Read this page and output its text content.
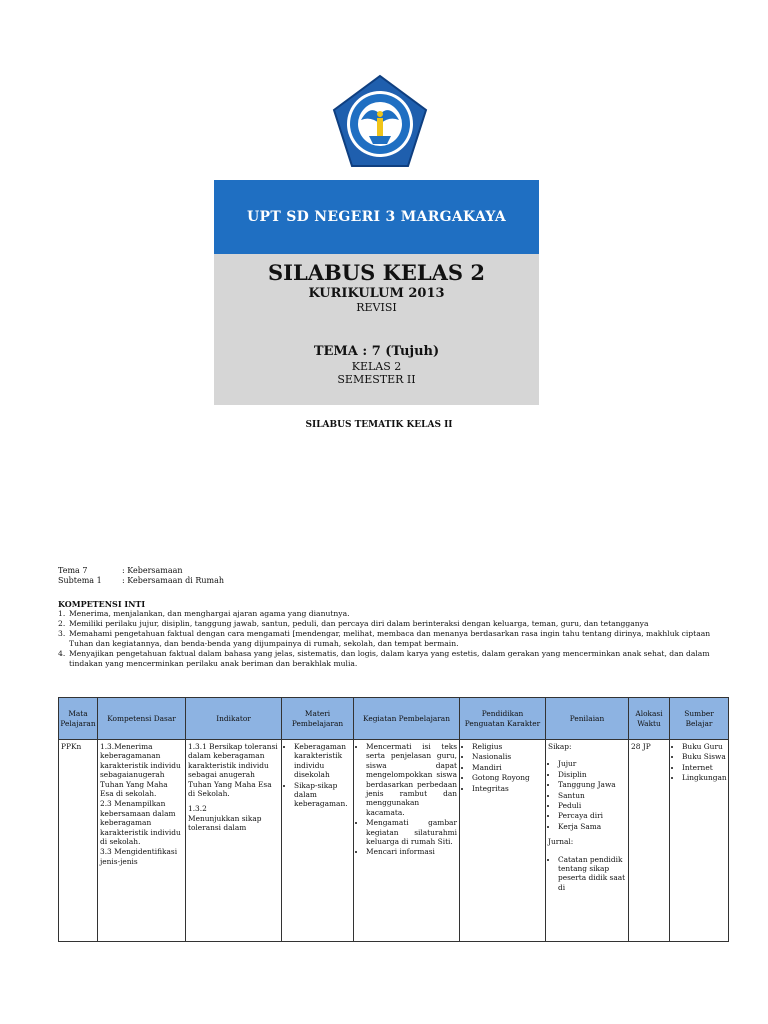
UPT SD NEGERI 3 MARGAKAYA
SILABUS KELAS 2
KURIKULUM 2013
REVISI
TEMA : 7 (Tujuh)
KELAS 2
SEMESTER II
SILABUS TEMATIK KELAS II
Tema 7	: Kebersamaan
Subtema 1	: Kebersamaan di Rumah
KOMPETENSI INTI
1. Menerima, menjalankan, dan menghargai ajaran agama yang dianutnya.
2. Memiliki perilaku jujur, disiplin, tanggung jawab, santun, peduli, dan percaya diri dalam berinteraksi dengan keluarga, teman, guru, dan tetangganya
3. Memahami pengetahuan faktual dengan cara mengamati [mendengar, melihat, membaca dan menanya berdasarkan rasa ingin tahu tentang dirinya, makhluk ciptaan Tuhan dan kegiatannya, dan benda-benda yang dijumpainya di rumah, sekolah, dan tempat bermain.
4. Menyajikan pengetahuan faktual dalam bahasa yang jelas, sistematis, dan logis, dalam karya yang estetis, dalam gerakan yang mencerminkan anak sehat, dan dalam tindakan yang mencerminkan perilaku anak beriman dan berakhlak mulia.
Mata Pelajaran
Kompetensi Dasar	Indikator
Materi Pembelajaran
Kegiatan Pembelajaran
Pendidikan Penguatan Karakter
Penilaian
Alokasi Waktu
Sumber Belajar
PPKn	1.3.Menerima keberagamanan karakteristik individu sebagaianugerah Tuhan Yang Maha Esa di sekolah.
2.3 Menampilkan kebersamaan dalam keberagaman karakteristik individu di sekolah.
3.3 Mengidentifikasi jenis-jenis
1.3.1 Bersikap toleransi dalam keberagaman karakteristik individu sebagai anugerah Tuhan Yang Maha Esa di Sekolah.
1.3.2
Menunjukkan sikap toleransi dalam
• Keberagaman karakteristik individu disekolah
• Sikap-sikap dalam keberagaman.
• Mencermati isi teks serta penjelasan guru, siswa dapat mengelompokkan siswa berdasarkan perbedaan jenis rambut dan menggunakan kacamata.
• Mengamati gambar kegiatan silaturahmi keluarga di rumah Siti.
• Mencari informasi
• Religius
• Nasionalis
• Mandiri
• Gotong Royong
• Integritas
Sikap:
• Jujur
• Disiplin
• Tanggung Jawa
• Santun
• Peduli
• Percaya diri
• Kerja Sama
Jurnal:
• Catatan pendidik tentang sikap peserta didik saat di
28 JP
•	Buku Guru
• Buku Siswa
• Internet
• Lingkungan
